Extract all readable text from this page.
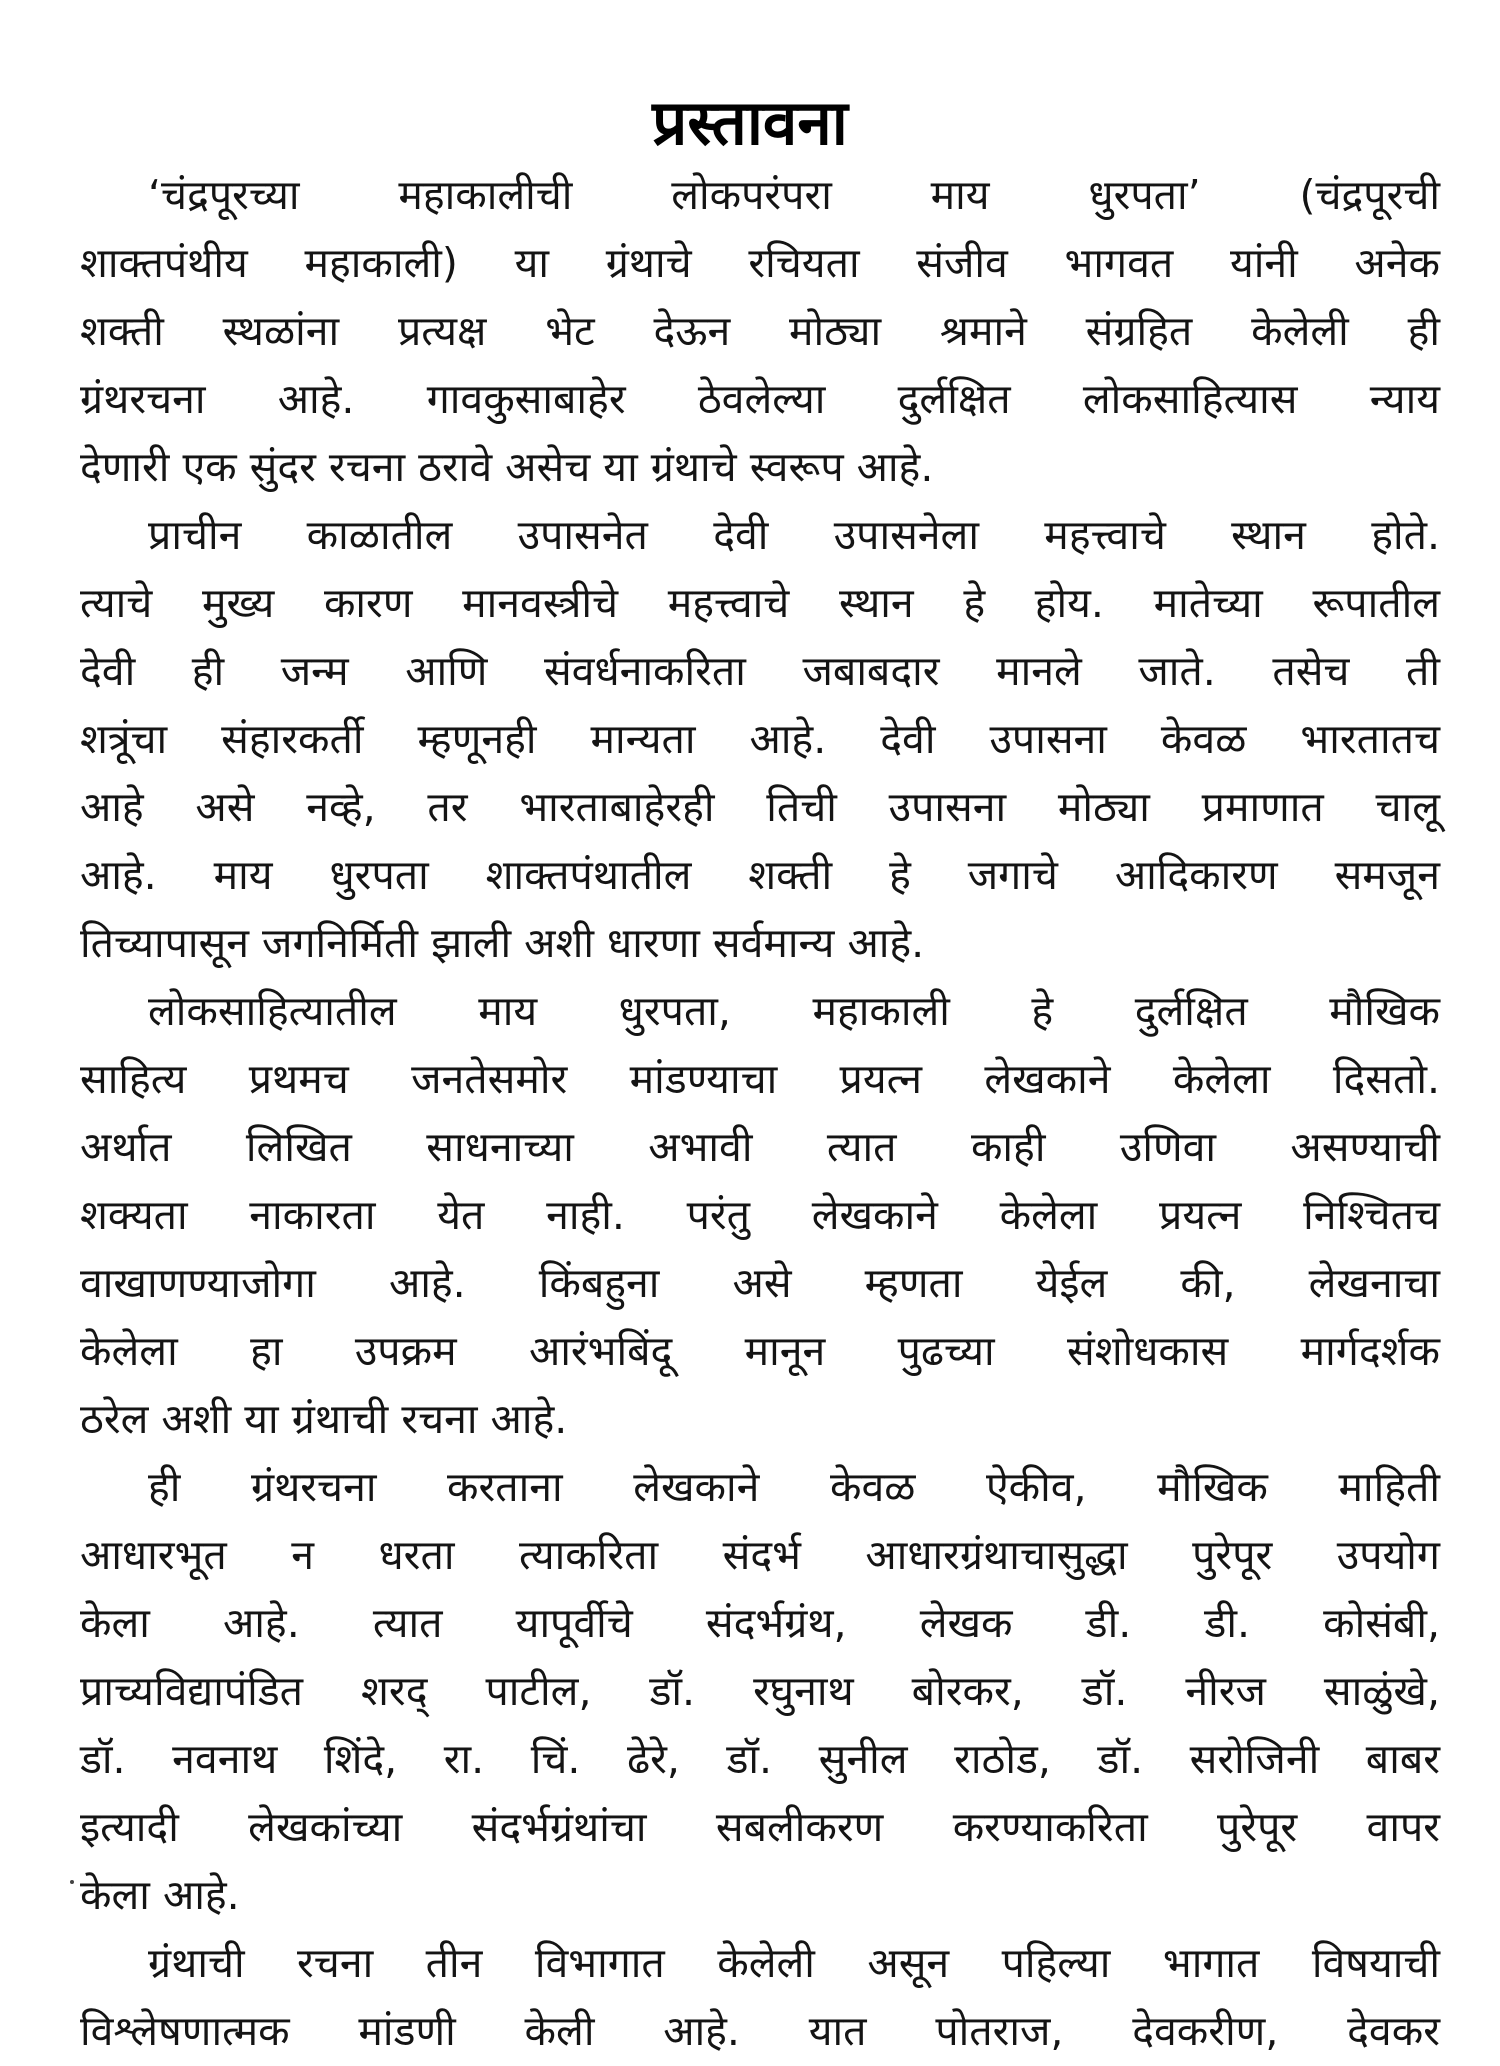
प्रस्तावना
‘चंद्रपूरच्या महाकालीची लोकपरंपरा माय धुरपता’ (चंद्रपूरची
शाक्तपंथीय महाकाली) या ग्रंथाचे रचियता संजीव भागवत यांनी अनेक
शक्ती स्थळांना प्रत्यक्ष भेट देऊन मोठ्या श्रमाने संग्रहित केलेली ही
ग्रंथरचना आहे. गावकुसाबाहेर ठेवलेल्या दुर्लक्षित लोकसाहित्यास न्याय
देणारी एक सुंदर रचना ठरावे असेच या ग्रंथाचे स्वरूप आहे.
प्राचीन काळातील उपासनेत देवी उपासनेला महत्त्वाचे स्थान होते.
त्याचे मुख्य कारण मानवस्त्रीचे महत्त्वाचे स्थान हे होय. मातेच्या रूपातील
देवी ही जन्म आणि संवर्धनाकरिता जबाबदार मानले जाते. तसेच ती
शत्रूंचा संहारकर्ती म्हणूनही मान्यता आहे. देवी उपासना केवळ भारतातच
आहे असे नव्हे, तर भारताबाहेरही तिची उपासना मोठ्या प्रमाणात चालू
आहे. माय धुरपता शाक्तपंथातील शक्ती हे जगाचे आदिकारण समजून
तिच्यापासून जगनिर्मिती झाली अशी धारणा सर्वमान्य आहे.
लोकसाहित्यातील माय धुरपता, महाकाली हे दुर्लक्षित मौखिक
साहित्य प्रथमच जनतेसमोर मांडण्याचा प्रयत्न लेखकाने केलेला दिसतो.
अर्थात लिखित साधनाच्या अभावी त्यात काही उणिवा असण्याची
शक्यता नाकारता येत नाही. परंतु लेखकाने केलेला प्रयत्न निश्चितच
वाखाणण्याजोगा आहे. किंबहुना असे म्हणता येईल की, लेखनाचा
केलेला हा उपक्रम आरंभबिंदू मानून पुढच्या संशोधकास मार्गदर्शक
ठरेल अशी या ग्रंथाची रचना आहे.
ही ग्रंथरचना करताना लेखकाने केवळ ऐकीव, मौखिक माहिती
आधारभूत न धरता त्याकरिता संदर्भ आधारग्रंथाचासुद्धा पुरेपूर उपयोग
केला आहे. त्यात यापूर्वीचे संदर्भग्रंथ, लेखक डी. डी. कोसंबी,
प्राच्यविद्यापंडित शरद् पाटील, डॉ. रघुनाथ बोरकर, डॉ. नीरज साळुंखे,
डॉ. नवनाथ शिंदे, रा. चिं. ढेरे, डॉ. सुनील राठोड, डॉ. सरोजिनी बाबर
इत्यादी लेखकांच्या संदर्भग्रंथांचा सबलीकरण करण्याकरिता पुरेपूर वापर
केला आहे.
ग्रंथाची रचना तीन विभागात केलेली असून पहिल्या भागात विषयाची
विश्लेषणात्मक मांडणी केली आहे. यात पोतराज, देवकरीण, देवकर
